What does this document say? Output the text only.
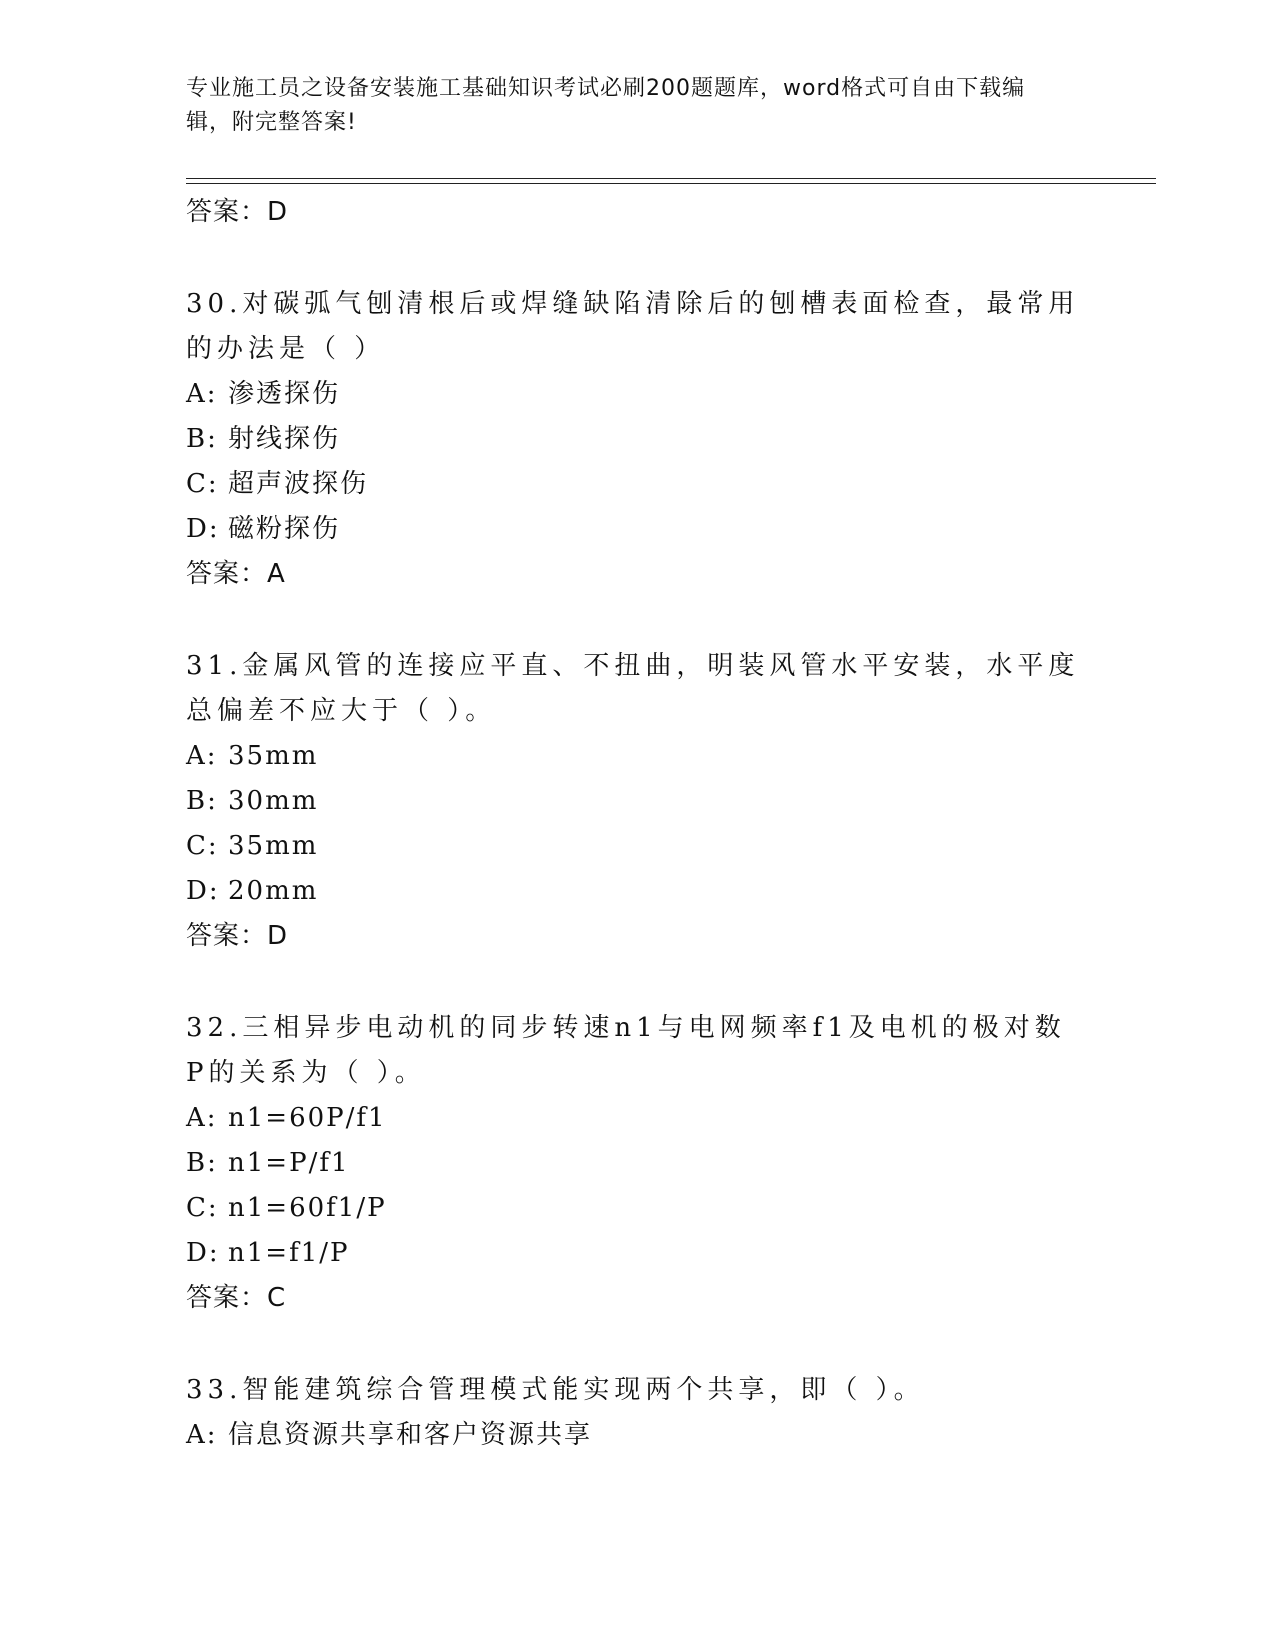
专业施工员之设备安装施工基础知识考试必刷200题题库，word格式可自由下载编辑，附完整答案!
答案：D
30.对碳弧气刨清根后或焊缝缺陷清除后的刨槽表面检查，最常用的办法是（ ）
A: 渗透探伤
B: 射线探伤
C: 超声波探伤
D: 磁粉探伤
答案：A
31.金属风管的连接应平直、不扭曲，明装风管水平安装，水平度总偏差不应大于（ ）。
A: 35mm
B: 30mm
C: 35mm
D: 20mm
答案：D
32.三相异步电动机的同步转速n1与电网频率f1及电机的极对数P的关系为（ ）。
A: n1=60P/f1
B: n1=P/f1
C: n1=60f1/P
D: n1=f1/P
答案：C
33.智能建筑综合管理模式能实现两个共享，即（ ）。
A: 信息资源共享和客户资源共享
